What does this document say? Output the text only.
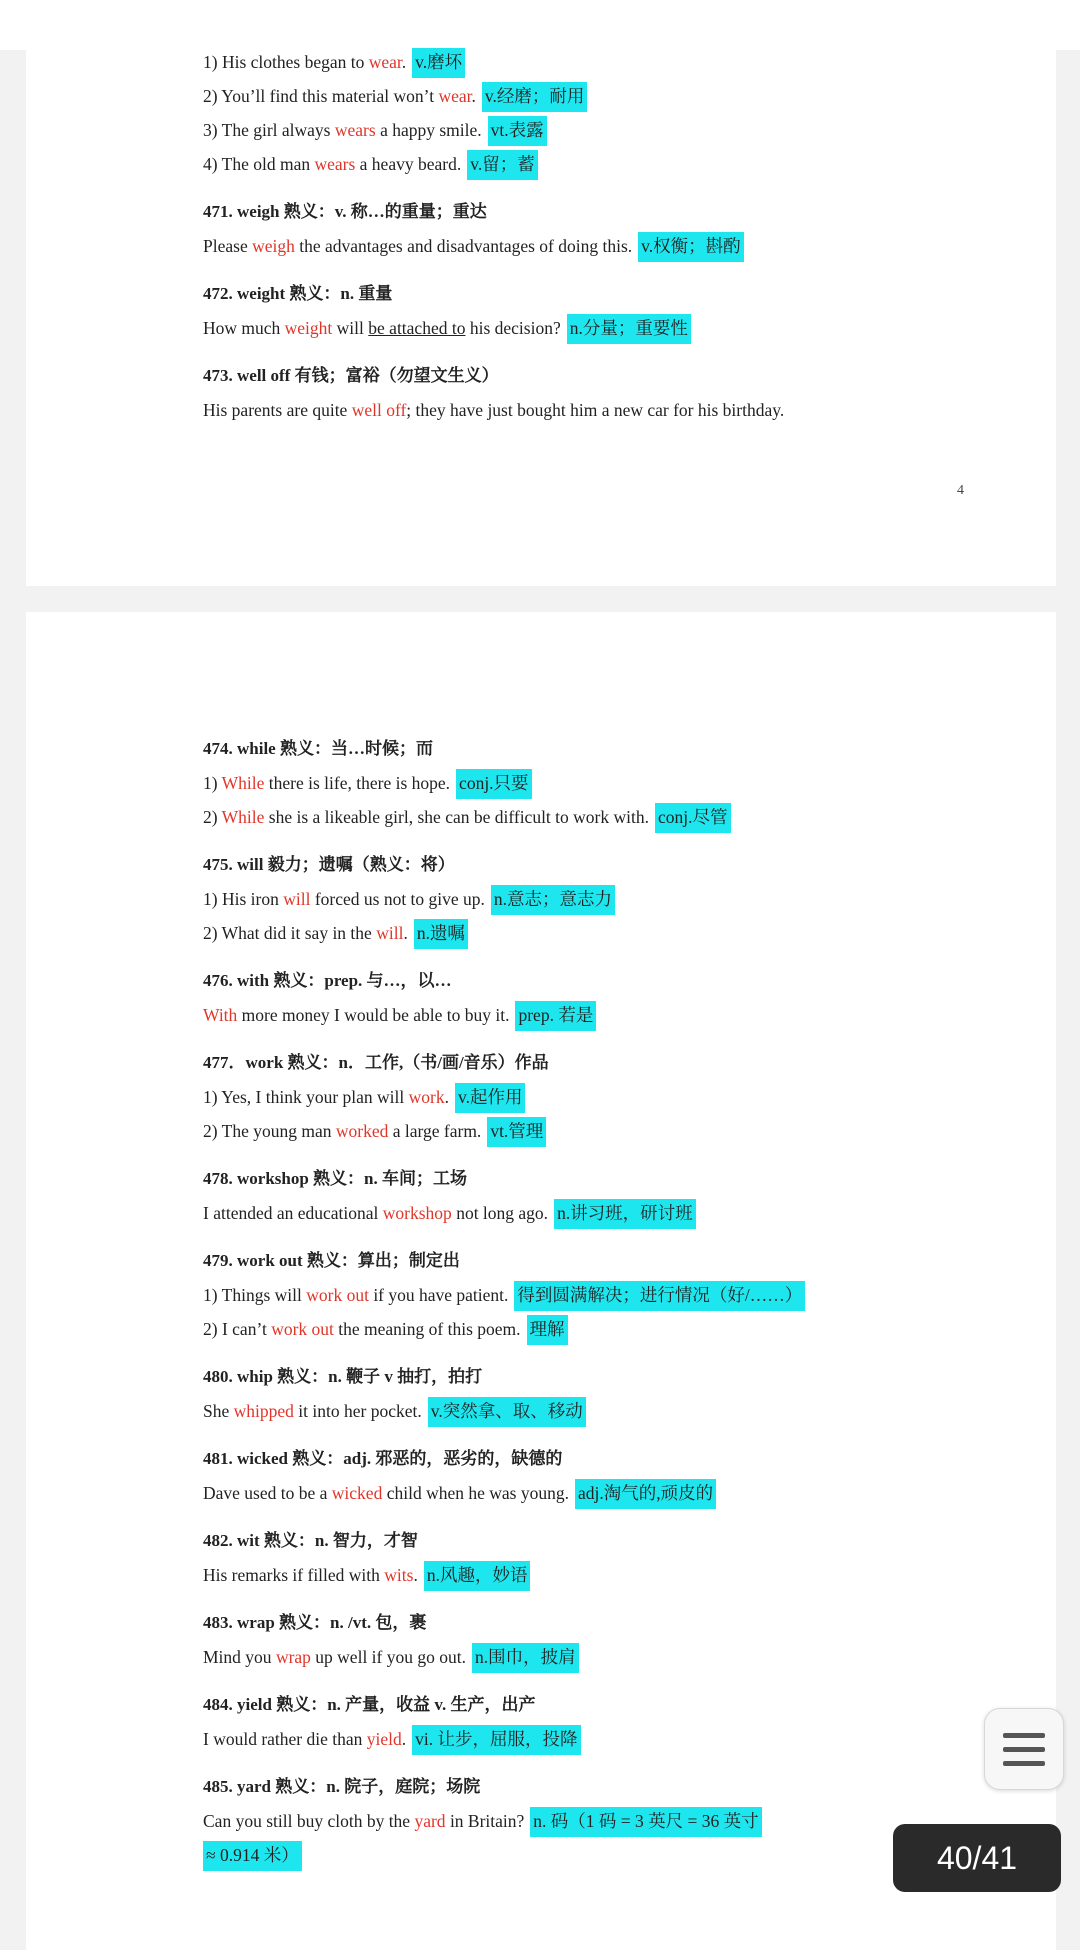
1) His clothes began to wear. v.磨坏
2) You’ll find this material won’t wear. v.经磨；耐用
3) The girl always wears a happy smile. vt.表露
4) The old man wears a heavy beard. v.留；蓄
471. weigh 熟义：v. 称…的重量；重达
Please weigh the advantages and disadvantages of doing this. v.权衡；斟酌
472. weight 熟义：n. 重量
How much weight will be attached to his decision? n.分量；重要性
473. well off 有钱；富裕（勿望文生义）
His parents are quite well off; they have just bought him a new car for his birthday.
4
474. while 熟义：当…时候；而
1) While there is life, there is hope. conj.只要
2) While she is a likeable girl, she can be difficult to work with. conj.尽管
475. will 毅力；遗嘱（熟义：将）
1) His iron will forced us not to give up. n.意志；意志力
2) What did it say in the will. n.遗嘱
476. with 熟义：prep. 与…，以…
With more money I would be able to buy it. prep. 若是
477．work 熟义：n．工作,（书/画/音乐）作品
1) Yes, I think your plan will work. v.起作用
2) The young man worked a large farm. vt.管理
478. workshop 熟义：n. 车间；工场
I attended an educational workshop not long ago. n.讲习班，研讨班
479. work out 熟义：算出；制定出
1) Things will work out if you have patient. 得到圆满解决；进行情况（好/……）
2) I can’t work out the meaning of this poem. 理解
480. whip 熟义：n. 鞭子 v 抽打，拍打
She whipped it into her pocket. v.突然拿、取、移动
481. wicked 熟义：adj. 邪恶的，恶劣的，缺德的
Dave used to be a wicked child when he was young. adj.淘气的,顽皮的
482. wit 熟义：n. 智力，才智
His remarks if filled with wits. n.风趣，妙语
483. wrap 熟义：n. /vt. 包，裹
Mind you wrap up well if you go out. n.围巾，披肩
484. yield 熟义：n. 产量，收益 v. 生产，出产
I would rather die than yield. vi. 让步，屈服，投降
485. yard 熟义：n. 院子，庭院；场院
Can you still buy cloth by the yard in Britain? n. 码（1 码 = 3 英尺 = 36 英寸
≈ 0.914 米）	40/41
